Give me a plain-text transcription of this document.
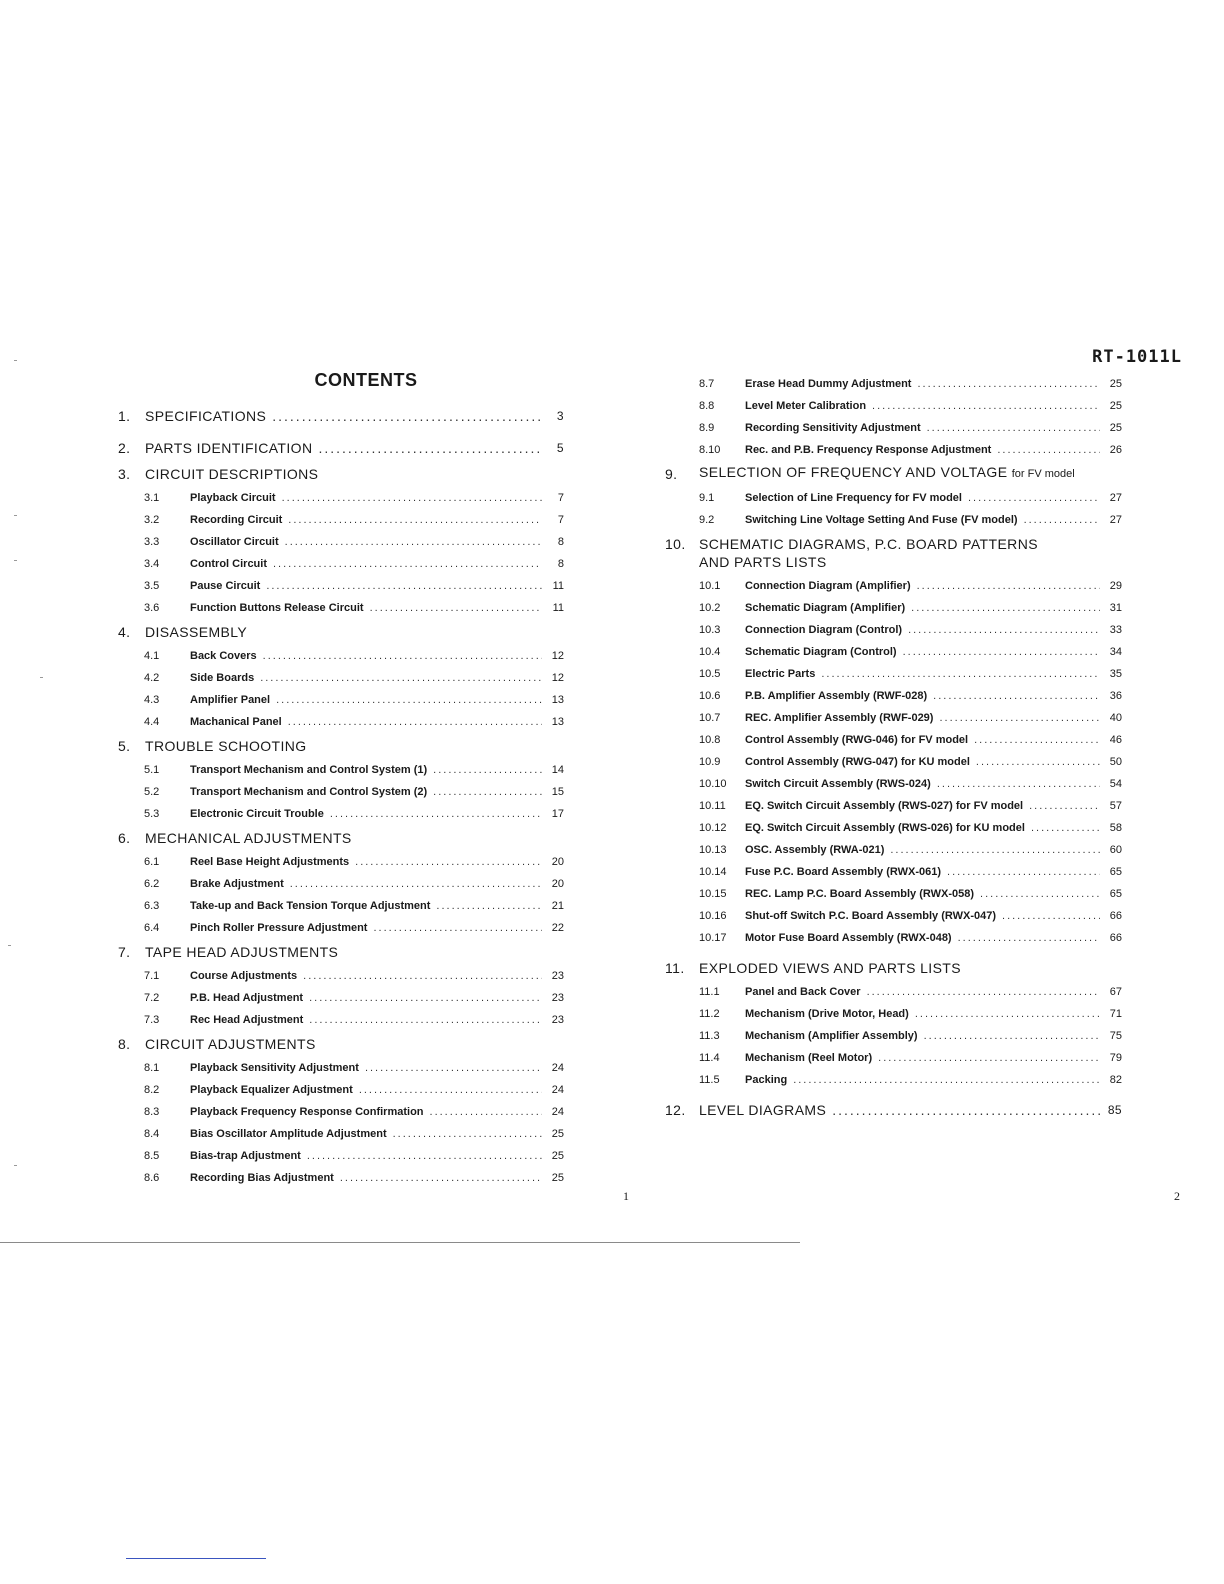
RT-1011L
CONTENTS
1.	SPECIFICATIONS .....	3
2.	PARTS IDENTIFICATION .....	5
3.	CIRCUIT DESCRIPTIONS
3.1	Playback Circuit .....	7
3.2	Recording Circuit .....	7
3.3	Oscillator Circuit .....	8
3.4	Control Circuit .....	8
3.5	Pause Circuit .....	11
3.6	Function Buttons Release Circuit .....	11
4.	DISASSEMBLY
4.1	Back Covers .....	12
4.2	Side Boards .....	12
4.3	Amplifier Panel .....	13
4.4	Machanical Panel .....	13
5.	TROUBLE SCHOOTING
5.1	Transport Mechanism and Control System (1) .....	14
5.2	Transport Mechanism and Control System (2) .....	15
5.3	Electronic Circuit Trouble .....	17
6.	MECHANICAL ADJUSTMENTS
6.1	Reel Base Height Adjustments .....	20
6.2	Brake Adjustment .....	20
6.3	Take-up and Back Tension Torque Adjustment .....	21
6.4	Pinch Roller Pressure Adjustment .....	22
7.	TAPE HEAD ADJUSTMENTS
7.1	Course Adjustments .....	23
7.2	P.B. Head Adjustment .....	23
7.3	Rec Head Adjustment .....	23
8.	CIRCUIT ADJUSTMENTS
8.1	Playback Sensitivity Adjustment .....	24
8.2	Playback Equalizer Adjustment .....	24
8.3	Playback Frequency Response Confirmation .....	24
8.4	Bias Oscillator Amplitude Adjustment .....	25
8.5	Bias-trap Adjustment .....	25
8.6	Recording Bias Adjustment .....	25
8.7	Erase Head Dummy Adjustment .....	25
8.8	Level Meter Calibration .....	25
8.9	Recording Sensitivity Adjustment .....	25
8.10	Rec. and P.B. Frequency Response Adjustment .....	26
9.	SELECTION OF FREQUENCY AND VOLTAGE for FV model
9.1	Selection of Line Frequency for FV model .....	27
9.2	Switching Line Voltage Setting And Fuse (FV model) .....	27
10. SCHEMATIC DIAGRAMS, P.C. BOARD PATTERNS
AND PARTS LISTS
10.1	Connection Diagram (Amplifier) .....	29
10.2	Schematic Diagram (Amplifier) .....	31
10.3	Connection Diagram (Control) .....	33
10.4	Schematic Diagram (Control) .....	34
10.5	Electric Parts .....	35
10.6	P.B. Amplifier Assembly (RWF-028) .....	36
10.7	REC. Amplifier Assembly (RWF-029) .....	40
10.8	Control Assembly (RWG-046) for FV model .....	46
10.9	Control Assembly (RWG-047) for KU model .....	50
10.10	Switch Circuit Assembly (RWS-024) .....	54
10.11	EQ. Switch Circuit Assembly (RWS-027) for FV model .....	57
10.12	EQ. Switch Circuit Assembly (RWS-026) for KU model .....	58
10.13	OSC. Assembly (RWA-021) .....	60
10.14	Fuse P.C. Board Assembly (RWX-061) .....	65
10.15	REC. Lamp P.C. Board Assembly (RWX-058) .....	65
10.16	Shut-off Switch P.C. Board Assembly (RWX-047) .....	66
10.17	Motor Fuse Board Assembly (RWX-048) .....	66
11.	EXPLODED VIEWS AND PARTS LISTS
11.1	Panel and Back Cover .....	67
11.2	Mechanism (Drive Motor, Head) .....	71
11.3	Mechanism (Amplifier Assembly) .....	75
11.4	Mechanism (Reel Motor) .....	79
11.5	Packing .....	82
12. LEVEL DIAGRAMS .....	85
1	2
